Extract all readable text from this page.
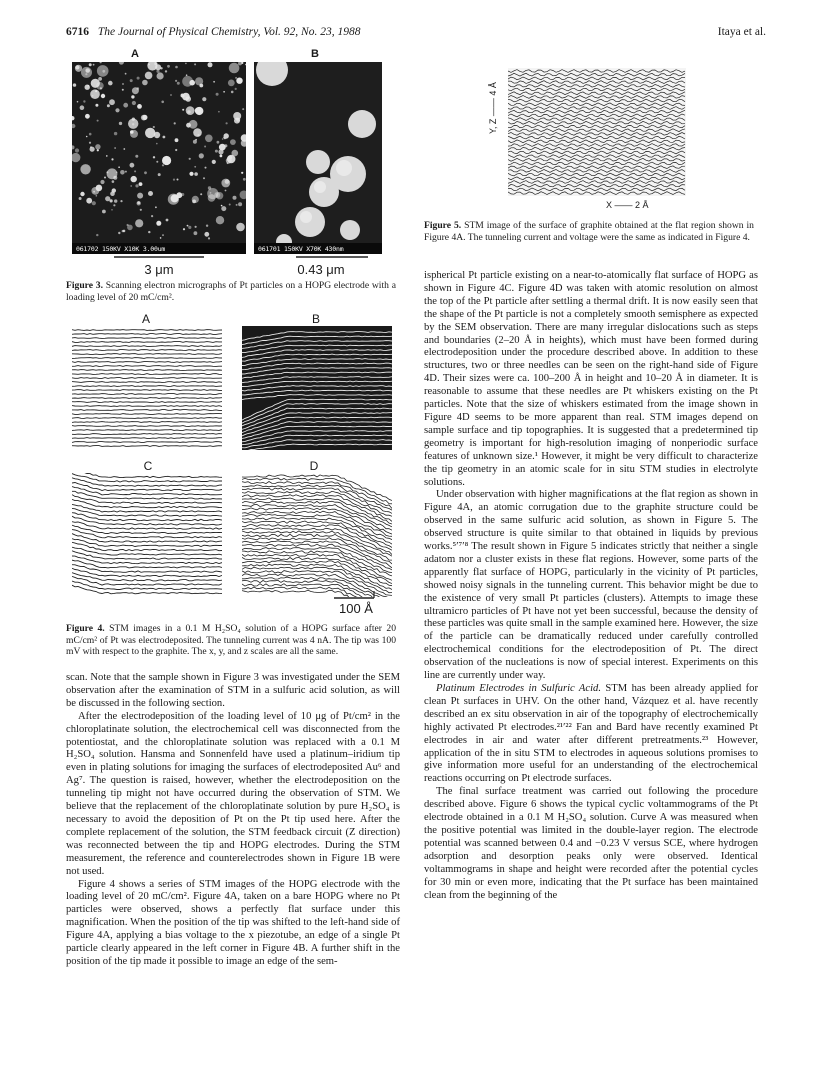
6716 The Journal of Physical Chemistry, Vol. 92, No. 23, 1988	Itaya et al.
A	B
061702 150KV X10K 3.00um	061701 150KV X70K 430nm
3 μm	0.43 μm
Figure 3. Scanning electron micrographs of Pt particles on a HOPG electrode with a loading level of 20 mC/cm².
A	B
C	D
100 Å
Figure 4. STM images in a 0.1 M H₂SO₄ solution of a HOPG surface after 20 mC/cm² of Pt was electrodeposited. The tunneling current was 4 nA. The tip was 100 mV with respect to the graphite. The x, y, and z scales are all the same.
Y, Z —— 4 Å
X —— 2 Å
Figure 5. STM image of the surface of graphite obtained at the flat region shown in Figure 4A. The tunneling current and voltage were the same as indicated in Figure 4.

scan. Note that the sample shown in Figure 3 was investigated under the SEM observation after the examination of STM in a sulfuric acid solution, as will be discussed in the following section.

After the electrodeposition of the loading level of 10 μg of Pt/cm² in the chloroplatinate solution, the electrochemical cell was disconnected from the potentiostat, and the chloroplatinate solution was replaced with a 0.1 M H₂SO₄ solution. Hansma and Sonnenfeld have used a platinum–iridium tip even in plating solutions for imaging the surfaces of electrodeposited Au⁶ and Ag⁷. The question is raised, however, whether the electrodeposition on the tunneling tip might not have occurred during the observation of STM. We believe that the replacement of the chloroplatinate solution by pure H₂SO₄ is necessary to avoid the deposition of Pt on the Pt tip used here. After the complete replacement of the solution, the STM feedback circuit (Z direction) was reconnected between the tip and HOPG electrodes. During the STM measurement, the reference and counterelectrodes shown in Figure 1B were not used.

Figure 4 shows a series of STM images of the HOPG electrode with the loading level of 20 mC/cm². Figure 4A, taken on a bare HOPG where no Pt particles were observed, shows a perfectly flat surface under this magnification. When the position of the tip was shifted to the left-hand side of Figure 4A, applying a bias voltage to the x piezotube, an edge of a single Pt particle clearly appeared in the left corner in Figure 4B. A further shift in the position of the tip made it possible to image an edge of the sem-

ispherical Pt particle existing on a near-to-atomically flat surface of HOPG as shown in Figure 4C. Figure 4D was taken with atomic resolution on almost the top of the Pt particle after settling a thermal drift. It is now easily seen that the shape of the Pt particle is not a completely smooth semisphere as expected by the SEM observation. There are many irregular dislocations such as steps and boundaries (2–20 Å in heights), which must have been formed during electrodeposition under the procedure described above. In addition to these structures, two or three needles can be seen on the right-hand side of Figure 4D. Their sizes were ca. 100–200 Å in height and 10–20 Å in diameter. It is reasonable to assume that these needles are Pt whiskers existing on the Pt particles. Note that the size of whiskers estimated from the image shown in Figure 4D seems to be more apparent than real. STM images depend on sample surface and tip topographies. It is suggested that a predetermined tip geometry is important for high-resolution imaging of nonperiodic surface features of unknown size.¹ However, it might be very difficult to characterize the tip geometry in an atomic scale for in situ STM studies in electrolyte solutions.

Under observation with higher magnifications at the flat region as shown in Figure 4A, an atomic corrugation due to the graphite structure could be observed in the same sulfuric acid solution, as shown in Figure 5. The observed structure is quite similar to that obtained in liquids by previous works.⁵ʹ⁷ʹ⁸ The result shown in Figure 5 indicates strictly that neither a single adatom nor a cluster exists in these flat regions. However, some parts of the apparently flat surface of HOPG, particularly in the vicinity of Pt particles, showed noisy signals in the tunneling current. This behavior might be due to the existence of very small Pt particles (clusters). Attempts to image these ultramicro particles of Pt have not yet been successful, because the density of these particles was quite small in the sample examined here. However, the size of the particle can be dramatically reduced under carefully controlled electrochemical conditions for the electrodeposition of Pt. The direct observation of the nucleations is now of special interest. Experiments on this line are currently under way.

Platinum Electrodes in Sulfuric Acid. STM has been already applied for clean Pt surfaces in UHV. On the other hand, Vázquez et al. have recently described an ex situ observation in air of the topography of electrochemically highly activated Pt electrodes.²¹ʹ²² Fan and Bard have recently examined Pt electrodes in air and water after different pretreatments.²³ However, application of the in situ STM to electrodes in aqueous solutions promises to give information more useful for an understanding of the electrochemical reactions occurring on Pt electrode surfaces.

The final surface treatment was carried out following the procedure described above. Figure 6 shows the typical cyclic voltammograms of the Pt electrode obtained in a 0.1 M H₂SO₄ solution. Curve A was measured when the positive potential was limited in the double-layer region. The electrode potential was scanned between 0.4 and −0.23 V versus SCE, where hydrogen adsorption and desorption peaks only were observed. Identical voltammograms in shape and height were recorded after the potential cycles for 30 min or even more, indicating that the Pt surface has been maintained clean from the beginning of the
